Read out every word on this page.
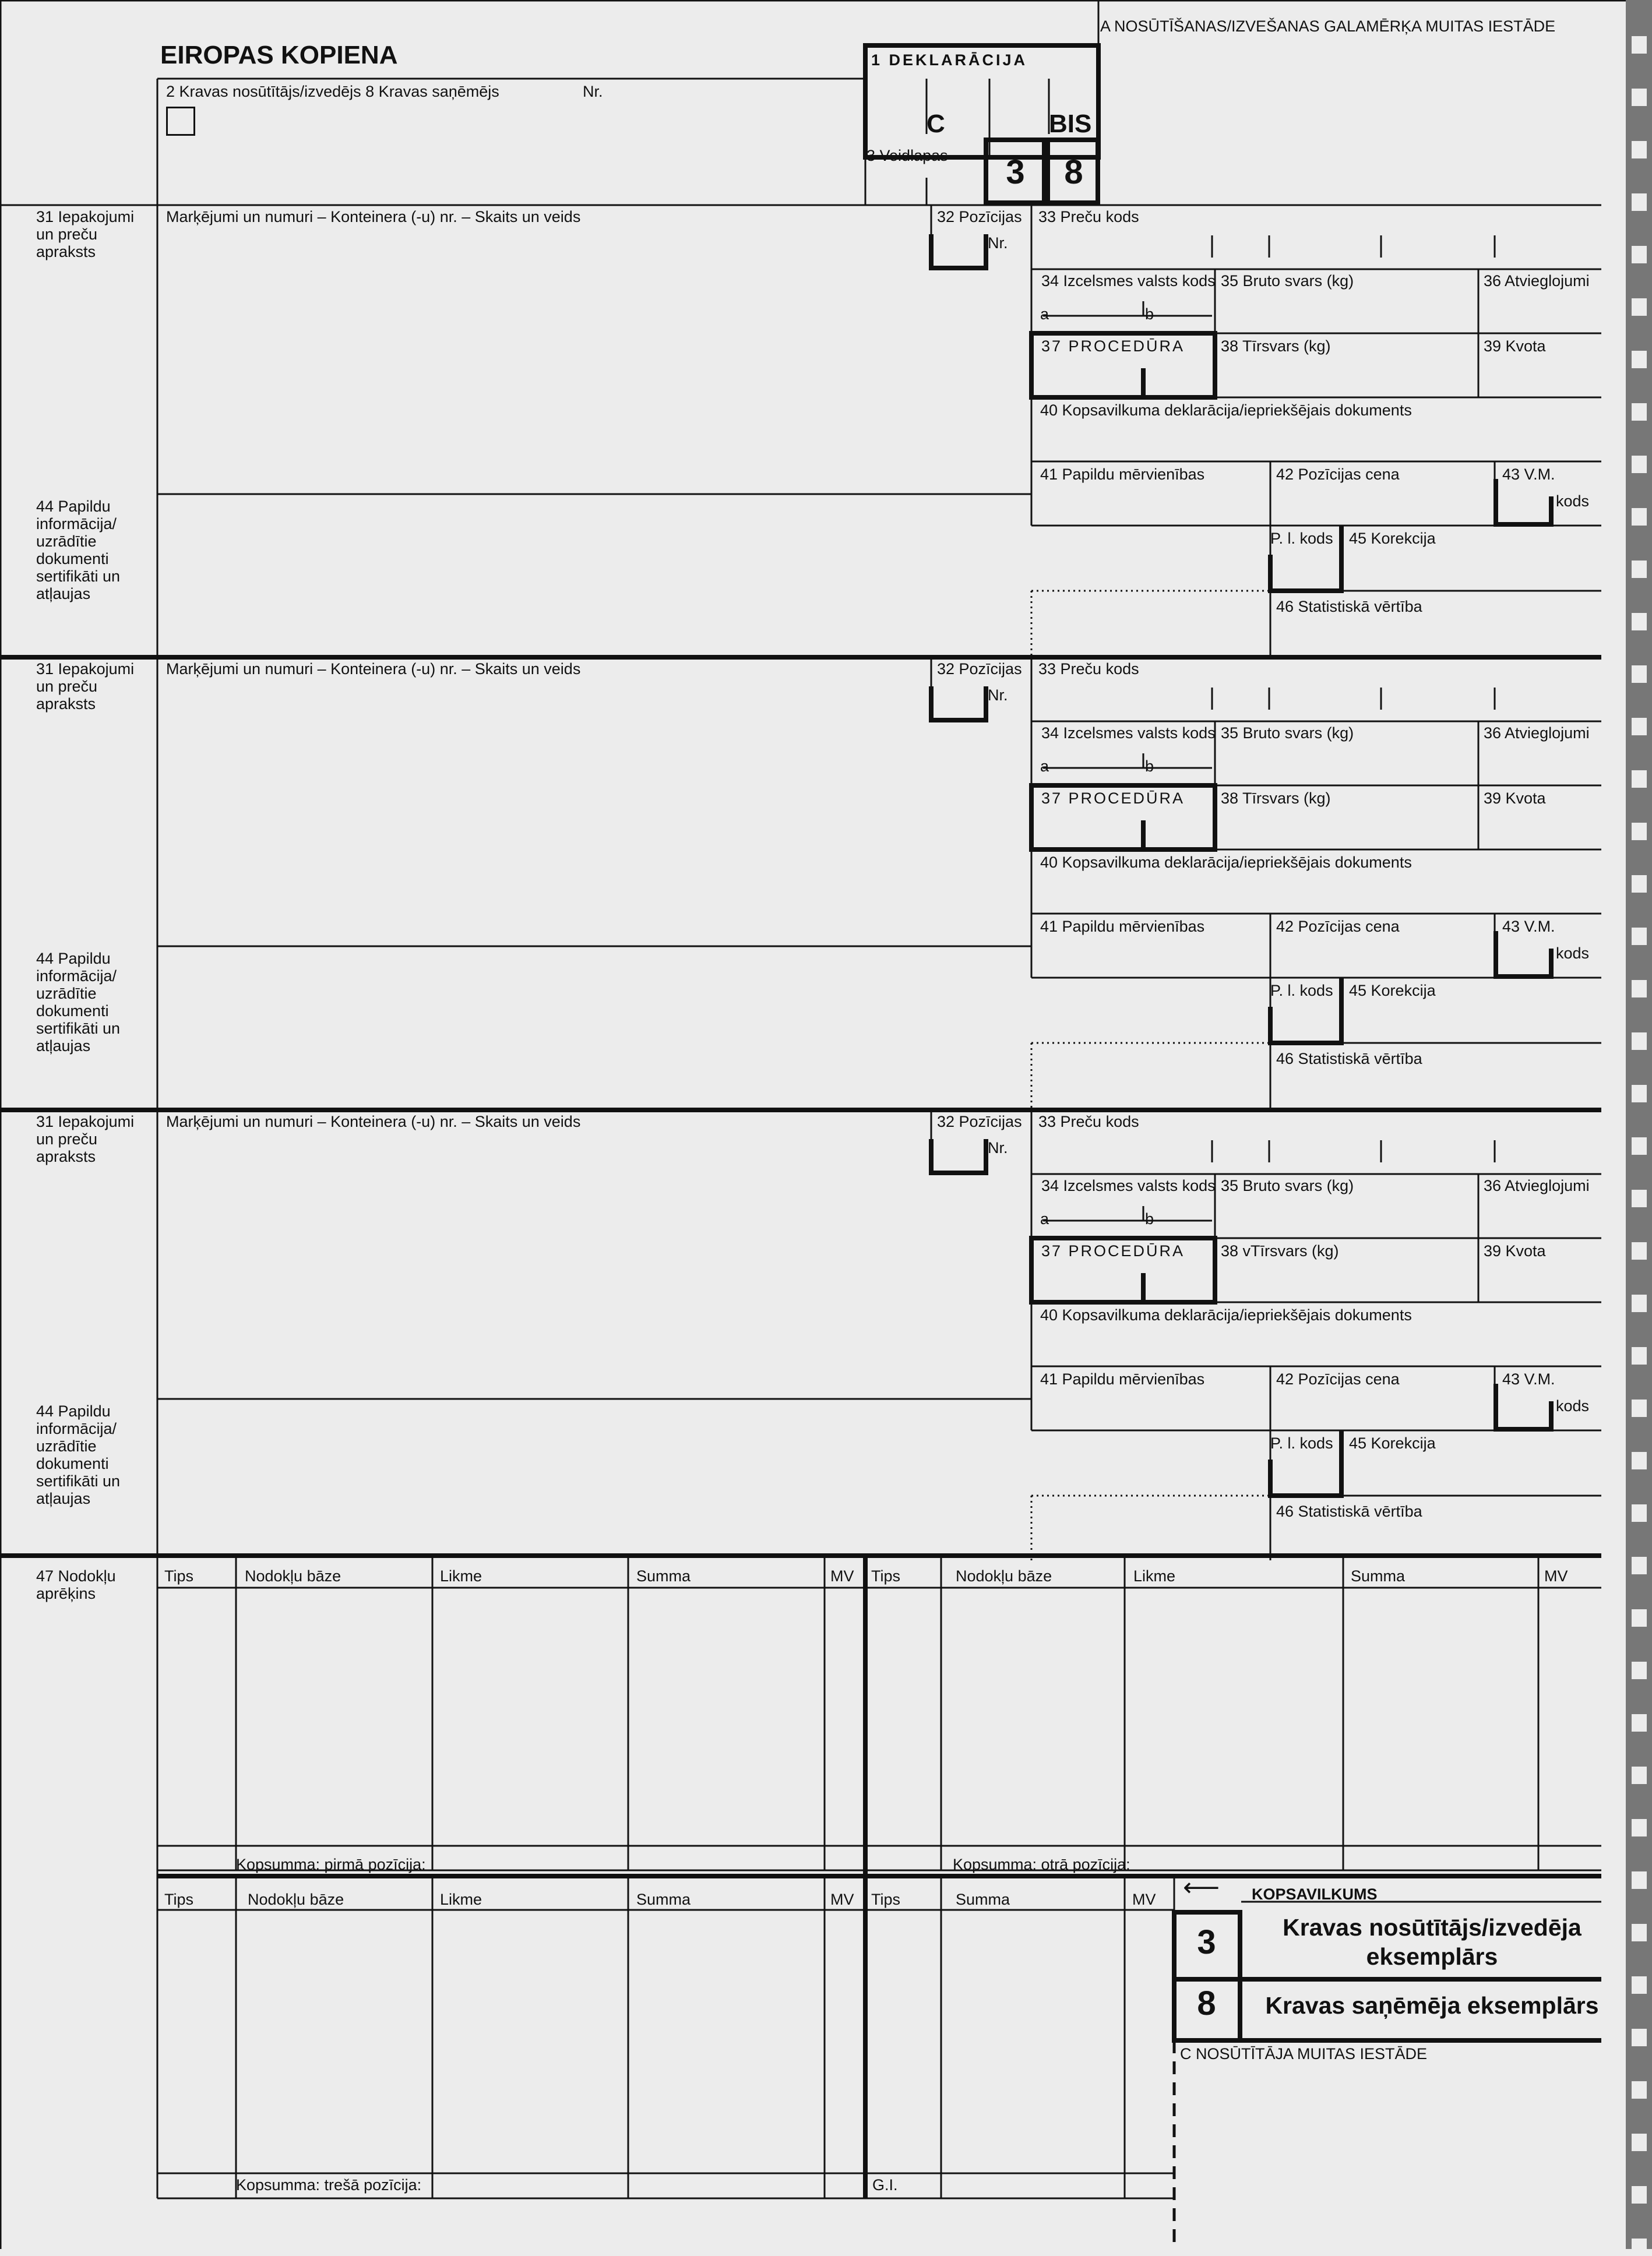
EIROPAS KOPIENA
A NOSŪTĪŠANAS/IZVEŠANAS GALAMĒRĶA MUITAS IESTĀDE
1 DEKLARĀCIJA
C	BIS
2 Kravas nosūtītājs/izvedējs 8 Kravas saņēmējs	Nr.
3 Veidlapas	3	8
31 Iepakojumi un preču apraksts
Marķējumi un numuri – Konteinera (-u) nr. – Skaits un veids	32 Pozīcijas
Nr.
33 Preču kods
34 Izcelsmes valsts kods
a	b
35 Bruto svars (kg)	36 Atvieglojumi
37 PROCEDŪRA 38 Tīrsvars (kg)	39 Kvota
40 Kopsavilkuma deklarācija/iepriekšējais dokuments
41 Papildu mērvienības	42 Pozīcijas cena	43 V.M.
kods
44 Papildu informācija/ uzrādītie dokumenti sertifikāti un atļaujas
P. l. kods 45 Korekcija
46 Statistiskā vērtība
31 Iepakojumi un preču apraksts
Marķējumi un numuri – Konteinera (-u) nr. – Skaits un veids	32 Pozīcijas
Nr.
33 Preču kods
34 Izcelsmes valsts kods
a	b
35 Bruto svars (kg)	36 Atvieglojumi
37 PROCEDŪRA 38 Tīrsvars (kg)	39 Kvota
40 Kopsavilkuma deklarācija/iepriekšējais dokuments
41 Papildu mērvienības	42 Pozīcijas cena	43 V.M.
kods
44 Papildu informācija/ uzrādītie dokumenti sertifikāti un atļaujas
P. l. kods 45 Korekcija
46 Statistiskā vērtība
31 Iepakojumi un preču apraksts
Marķējumi un numuri – Konteinera (-u) nr. – Skaits un veids	32 Pozīcijas
Nr.
33 Preču kods
34 Izcelsmes valsts kods
a	b
35 Bruto svars (kg)	36 Atvieglojumi
37 PROCEDŪRA 38 vTīrsvars (kg)	39 Kvota
40 Kopsavilkuma deklarācija/iepriekšējais dokuments
41 Papildu mērvienības	42 Pozīcijas cena	43 V.M.
kods
44 Papildu informācija/ uzrādītie dokumenti sertifikāti un atļaujas
P. l. kods 45 Korekcija
46 Statistiskā vērtība
47 Nodokļu aprēķins
Tips	Nodokļu bāze	Likme	Summa	MV Tips	Nodokļu bāze	Likme	Summa	MV
Kopsumma: pirmā pozīcija:	Kopsumma: otrā pozīcija:
Tips	Nodokļu bāze	Likme	Summa	MV Tips	Summa	MV
Kopsumma: trešā pozīcija:	G.I.
⟵ KOPSAVILKUMS
3	Kravas nosūtītājs/izvedēja eksemplārs
8	Kravas saņēmēja eksemplārs
C NOSŪTĪTĀJA MUITAS IESTĀDE
